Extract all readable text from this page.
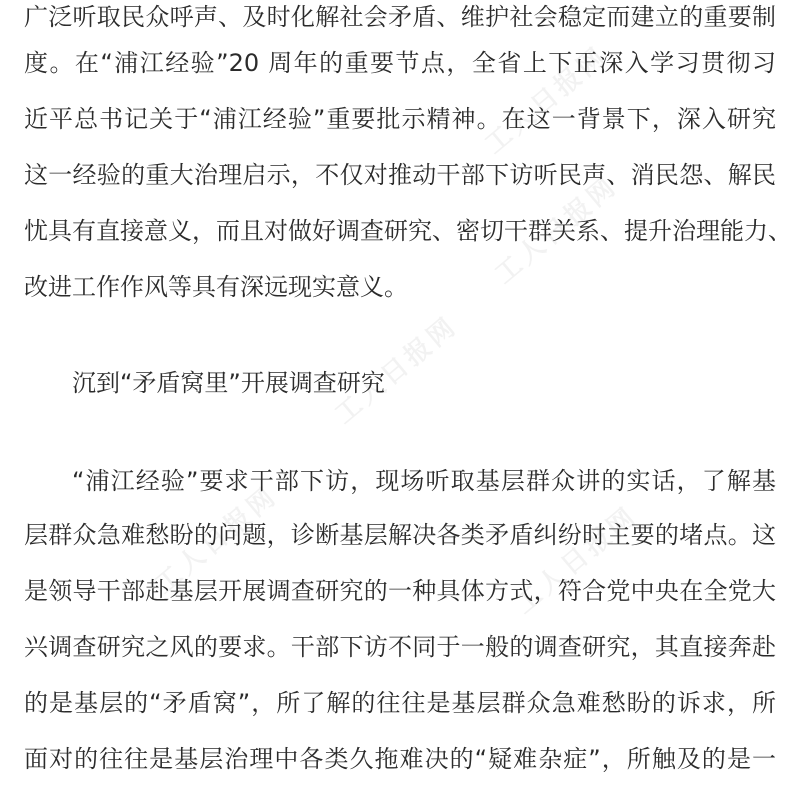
广泛听取民众呼声、及时化解社会矛盾、维护社会稳定而建立的重要制
度。在“浦江经验”20 周年的重要节点，全省上下正深入学习贯彻习
近平总书记关于“浦江经验”重要批示精神。在这一背景下，深入研究
这一经验的重大治理启示，不仅对推动干部下访听民声、消民怨、解民
忧具有直接意义，而且对做好调查研究、密切干群关系、提升治理能力、
改进工作作风等具有深远现实意义。
沉到“矛盾窝里”开展调查研究
“浦江经验”要求干部下访，现场听取基层群众讲的实话，了解基
层群众急难愁盼的问题，诊断基层解决各类矛盾纠纷时主要的堵点。这
是领导干部赴基层开展调查研究的一种具体方式，符合党中央在全党大
兴调查研究之风的要求。干部下访不同于一般的调查研究，其直接奔赴
的是基层的“矛盾窝”，所了解的往往是基层群众急难愁盼的诉求，所
面对的往往是基层治理中各类久拖难决的“疑难杂症”，所触及的是一
工人日报网
工人日报网
工人日报网
工人日报网	工人日报网
